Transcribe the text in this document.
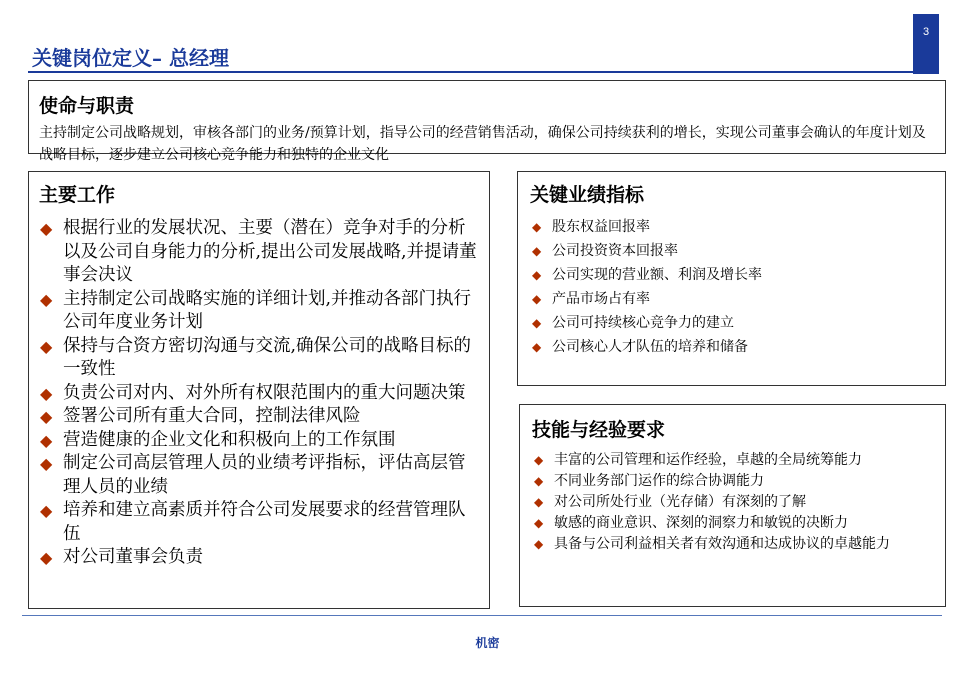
3
关键岗位定义– 总经理
使命与职责

主持制定公司战略规划，审核各部门的业务/预算计划，指导公司的经营销售活动，确保公司持续获利的增长，实现公司董事会确认的年度计划及战略目标，逐步建立公司核心竞争能力和独特的企业文化

主要工作
◆ 根据行业的发展状况、主要（潜在）竞争对手的分析以及公司自身能力的分析,提出公司发展战略,并提请董事会决议
◆ 主持制定公司战略实施的详细计划,并推动各部门执行公司年度业务计划
◆ 保持与合资方密切沟通与交流,确保公司的战略目标的一致性
◆ 负责公司对内、对外所有权限范围内的重大问题决策
◆ 签署公司所有重大合同，控制法律风险
◆ 营造健康的企业文化和积极向上的工作氛围
◆ 制定公司高层管理人员的业绩考评指标，评估高层管理人员的业绩
◆ 培养和建立高素质并符合公司发展要求的经营管理队伍
◆ 对公司董事会负责
关键业绩指标
◆ 股东权益回报率
◆ 公司投资资本回报率
◆ 公司实现的营业额、利润及增长率
◆ 产品市场占有率
◆ 公司可持续核心竞争力的建立
◆ 公司核心人才队伍的培养和储备
技能与经验要求
◆ 丰富的公司管理和运作经验，卓越的全局统筹能力
◆ 不同业务部门运作的综合协调能力
◆ 对公司所处行业（光存储）有深刻的了解
◆ 敏感的商业意识、深刻的洞察力和敏锐的决断力
◆ 具备与公司利益相关者有效沟通和达成协议的卓越能力
机密
